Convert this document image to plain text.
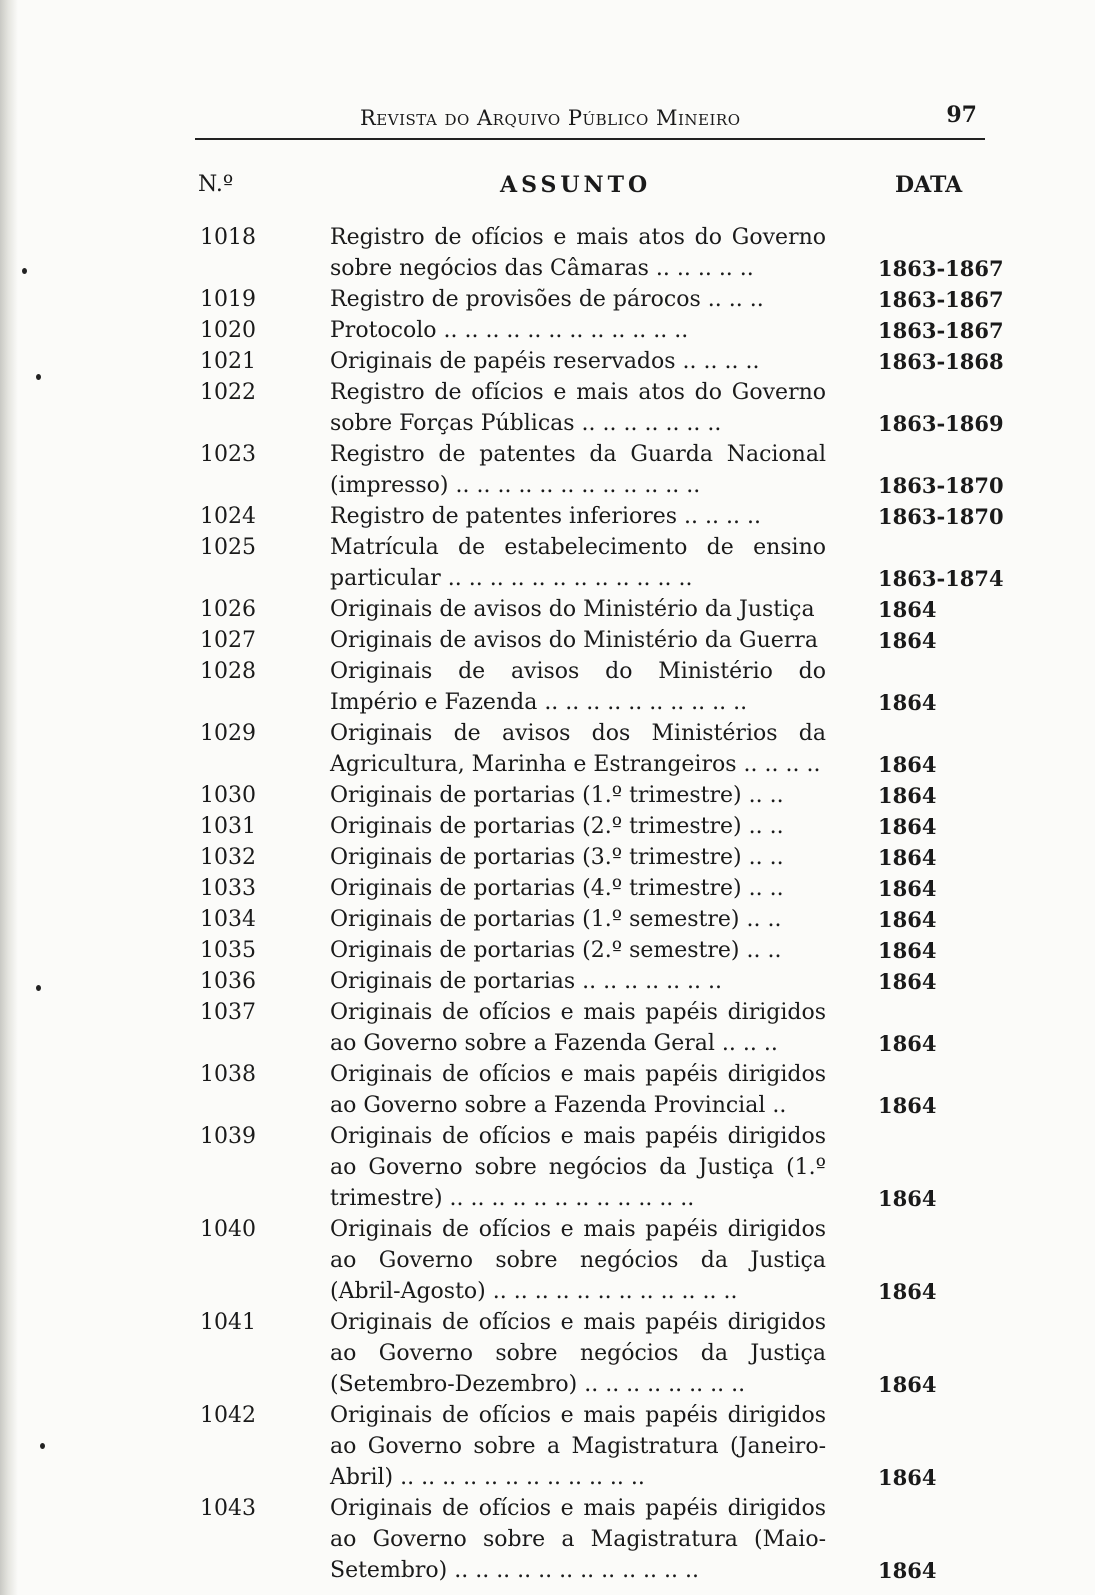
Revista do Arquivo Público Mineiro	97
N.º	ASSUNTO	DATA
1018	Registro de ofícios e mais atos do Governo sobre negócios das Câmaras .. .. .. .. ..	1863-1867
1019	Registro de provisões de párocos .. .. ..	1863-1867
1020	Protocolo .. .. .. .. .. .. .. .. .. .. .. ..	1863-1867
1021	Originais de papéis reservados .. .. .. ..	1863-1868
1022	Registro de ofícios e mais atos do Governo sobre Forças Públicas .. .. .. .. .. .. ..	1863-1869
1023	Registro de patentes da Guarda Nacional (impresso) .. .. .. .. .. .. .. .. .. .. .. ..	1863-1870
1024	Registro de patentes inferiores .. .. .. ..	1863-1870
1025	Matrícula de estabelecimento de ensino particular .. .. .. .. .. .. .. .. .. .. .. ..	1863-1874
1026	Originais de avisos do Ministério da Justiça	1864
1027	Originais de avisos do Ministério da Guerra	1864
1028	Originais de avisos do Ministério do Império e Fazenda .. .. .. .. .. .. .. .. .. ..	1864
1029	Originais de avisos dos Ministérios da Agricultura, Marinha e Estrangeiros .. .. .. ..	1864
1030	Originais de portarias (1.º trimestre) .. ..	1864
1031	Originais de portarias (2.º trimestre) .. ..	1864
1032	Originais de portarias (3.º trimestre) .. ..	1864
1033	Originais de portarias (4.º trimestre) .. ..	1864
1034	Originais de portarias (1.º semestre) .. ..	1864
1035	Originais de portarias (2.º semestre) .. ..	1864
1036	Originais de portarias .. .. .. .. .. .. ..	1864
1037	Originais de ofícios e mais papéis dirigidos ao Governo sobre a Fazenda Geral .. .. ..	1864
1038	Originais de ofícios e mais papéis dirigidos ao Governo sobre a Fazenda Provincial ..	1864
1039	Originais de ofícios e mais papéis dirigidos ao Governo sobre negócios da Justiça (1.º trimestre) .. .. .. .. .. .. .. .. .. .. .. ..	1864
1040	Originais de ofícios e mais papéis dirigidos ao Governo sobre negócios da Justiça (Abril-Agosto) .. .. .. .. .. .. .. .. .. .. .. ..	1864
1041	Originais de ofícios e mais papéis dirigidos ao Governo sobre negócios da Justiça (Setembro-Dezembro) .. .. .. .. .. .. .. ..	1864
1042	Originais de ofícios e mais papéis dirigidos ao Governo sobre a Magistratura (Janeiro-Abril) .. .. .. .. .. .. .. .. .. .. .. ..	1864
1043	Originais de ofícios e mais papéis dirigidos ao Governo sobre a Magistratura (Maio-Setembro) .. .. .. .. .. .. .. .. .. .. .. ..	1864
